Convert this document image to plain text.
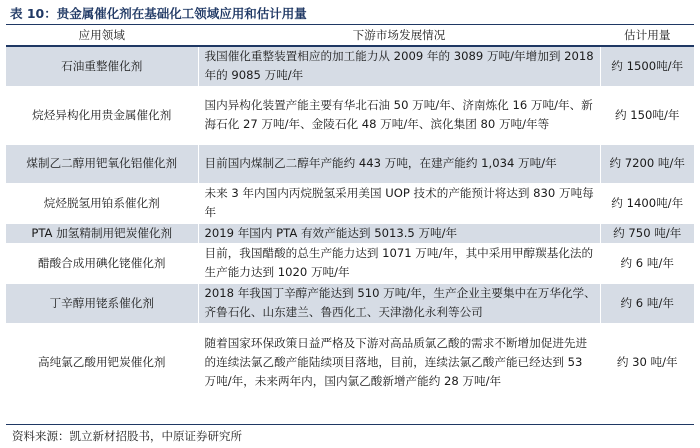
表 10：贵金属催化剂在基础化工领域应用和估计用量
应用领域	下游市场发展情况	估计用量
石油重整催化剂	我国催化重整装置相应的加工能力从 2009 年的 3089 万吨/年增加到 2018 年的 9085 万吨/年	约 1500吨/年
烷烃异构化用贵金属催化剂	国内异构化装置产能主要有华北石油 50 万吨/年、济南炼化 16 万吨/年、新海石化 27 万吨/年、金陵石化 48 万吨/年、滨化集团 80 万吨/年等	约 150吨/年
煤制乙二醇用钯氧化铝催化剂	目前国内煤制乙二醇年产能约 443 万吨，在建产能约 1,034 万吨/年	约 7200 吨/年
烷烃脱氢用铂系催化剂	未来 3 年内国内丙烷脱氢采用美国 UOP 技术的产能预计将达到 830 万吨每年	约 1400吨/年
PTA 加氢精制用钯炭催化剂	2019 年国内 PTA 有效产能达到 5013.5 万吨/年	约 750 吨/年
醋酸合成用碘化铑催化剂	目前，我国醋酸的总生产能力达到 1071 万吨/年，其中采用甲醇羰基化法的生产能力达到 1020 万吨/年	约 6 吨/年
丁辛醇用铑系催化剂	2018 年我国丁辛醇产能达到 510 万吨/年，生产企业主要集中在万华化学、齐鲁石化、山东建兰、鲁西化工、天津渤化永利等公司	约 6 吨/年
高纯氯乙酸用钯炭催化剂	随着国家环保政策日益严格及下游对高品质氯乙酸的需求不断增加促进先进的连续法氯乙酸产能陆续项目落地，目前，连续法氯乙酸产能已经达到 53 万吨/年，未来两年内，国内氯乙酸新增产能约 28 万吨/年	约 30 吨/年
资料来源：凯立新材招股书，中原证券研究所
